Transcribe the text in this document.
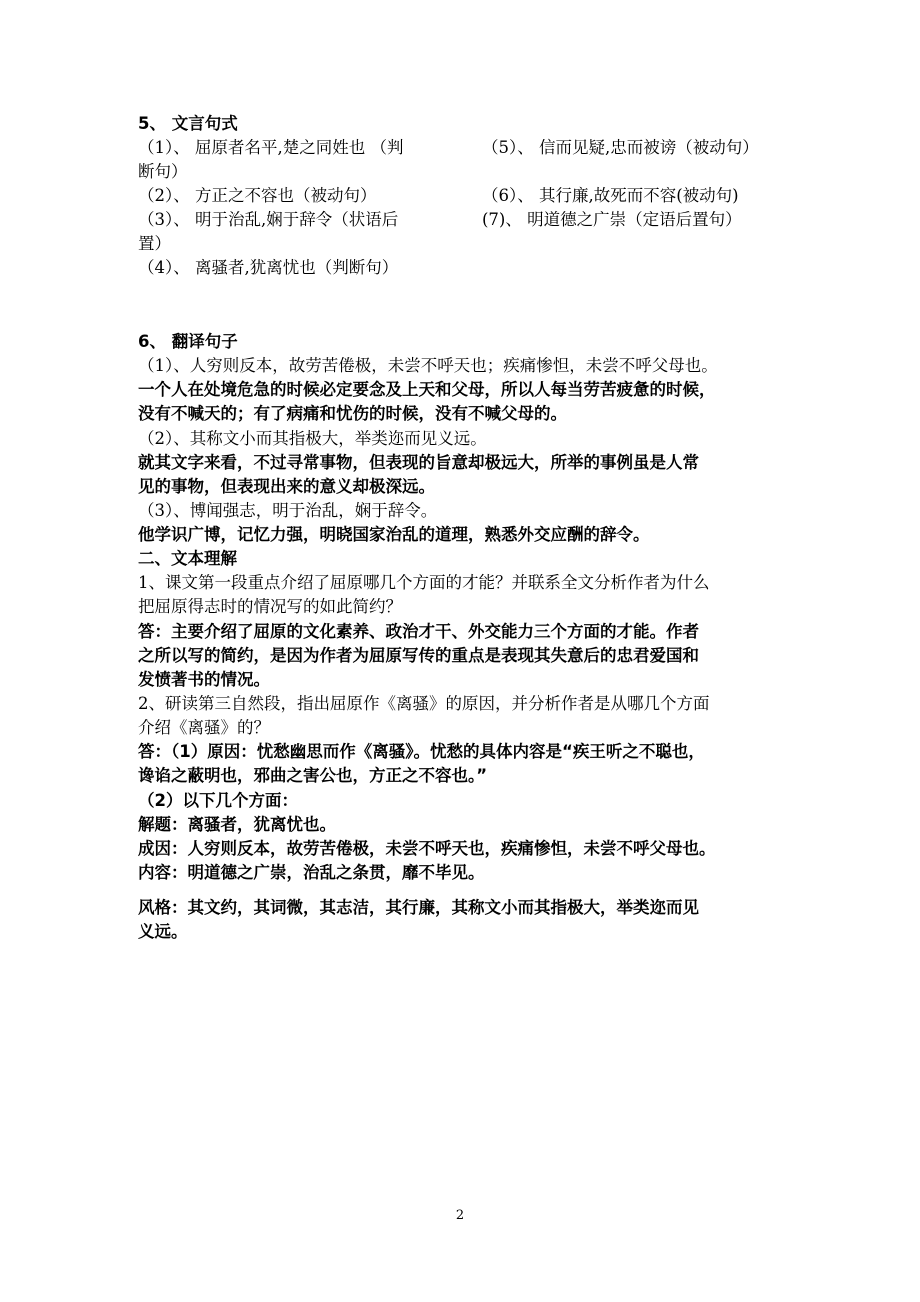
5、 文言句式
（1）、 屈原者名平,楚之同姓也 （判	（5）、 信而见疑,忠而被谤（被动句）
断句）
（2）、 方正之不容也（被动句）	（6）、 其行廉,故死而不容(被动句)
（3）、 明于治乱,娴于辞令（状语后	(7)、 明道德之广崇（定语后置句）
置）
（4）、 离骚者,犹离忧也（判断句）
6、 翻译句子
（1）、人穷则反本，故劳苦倦极，未尝不呼天也；疾痛惨怛，未尝不呼父母也。
一个人在处境危急的时候必定要念及上天和父母，所以人每当劳苦疲惫的时候，
没有不喊天的；有了病痛和忧伤的时候，没有不喊父母的。
（2）、其称文小而其指极大，举类迩而见义远。
就其文字来看，不过寻常事物，但表现的旨意却极远大，所举的事例虽是人常
见的事物，但表现出来的意义却极深远。
（3）、博闻强志，明于治乱，娴于辞令。
他学识广博，记忆力强，明晓国家治乱的道理，熟悉外交应酬的辞令。
二、文本理解
1、课文第一段重点介绍了屈原哪几个方面的才能？并联系全文分析作者为什么
把屈原得志时的情况写的如此简约？
答：主要介绍了屈原的文化素养、政治才干、外交能力三个方面的才能。作者
之所以写的简约，是因为作者为屈原写传的重点是表现其失意后的忠君爱国和
发愤著书的情况。
2、研读第三自然段，指出屈原作《离骚》的原因，并分析作者是从哪几个方面
介绍《离骚》的？
答：（1）原因：忧愁幽思而作《离骚》。忧愁的具体内容是“疾王听之不聪也，
谗谄之蔽明也，邪曲之害公也，方正之不容也。”
（2）以下几个方面：
解题：离骚者，犹离忧也。
成因：人穷则反本，故劳苦倦极，未尝不呼天也，疾痛惨怛，未尝不呼父母也。
内容：明道德之广崇，治乱之条贯，靡不毕见。
风格：其文约，其词微，其志洁，其行廉，其称文小而其指极大，举类迩而见
义远。
2
